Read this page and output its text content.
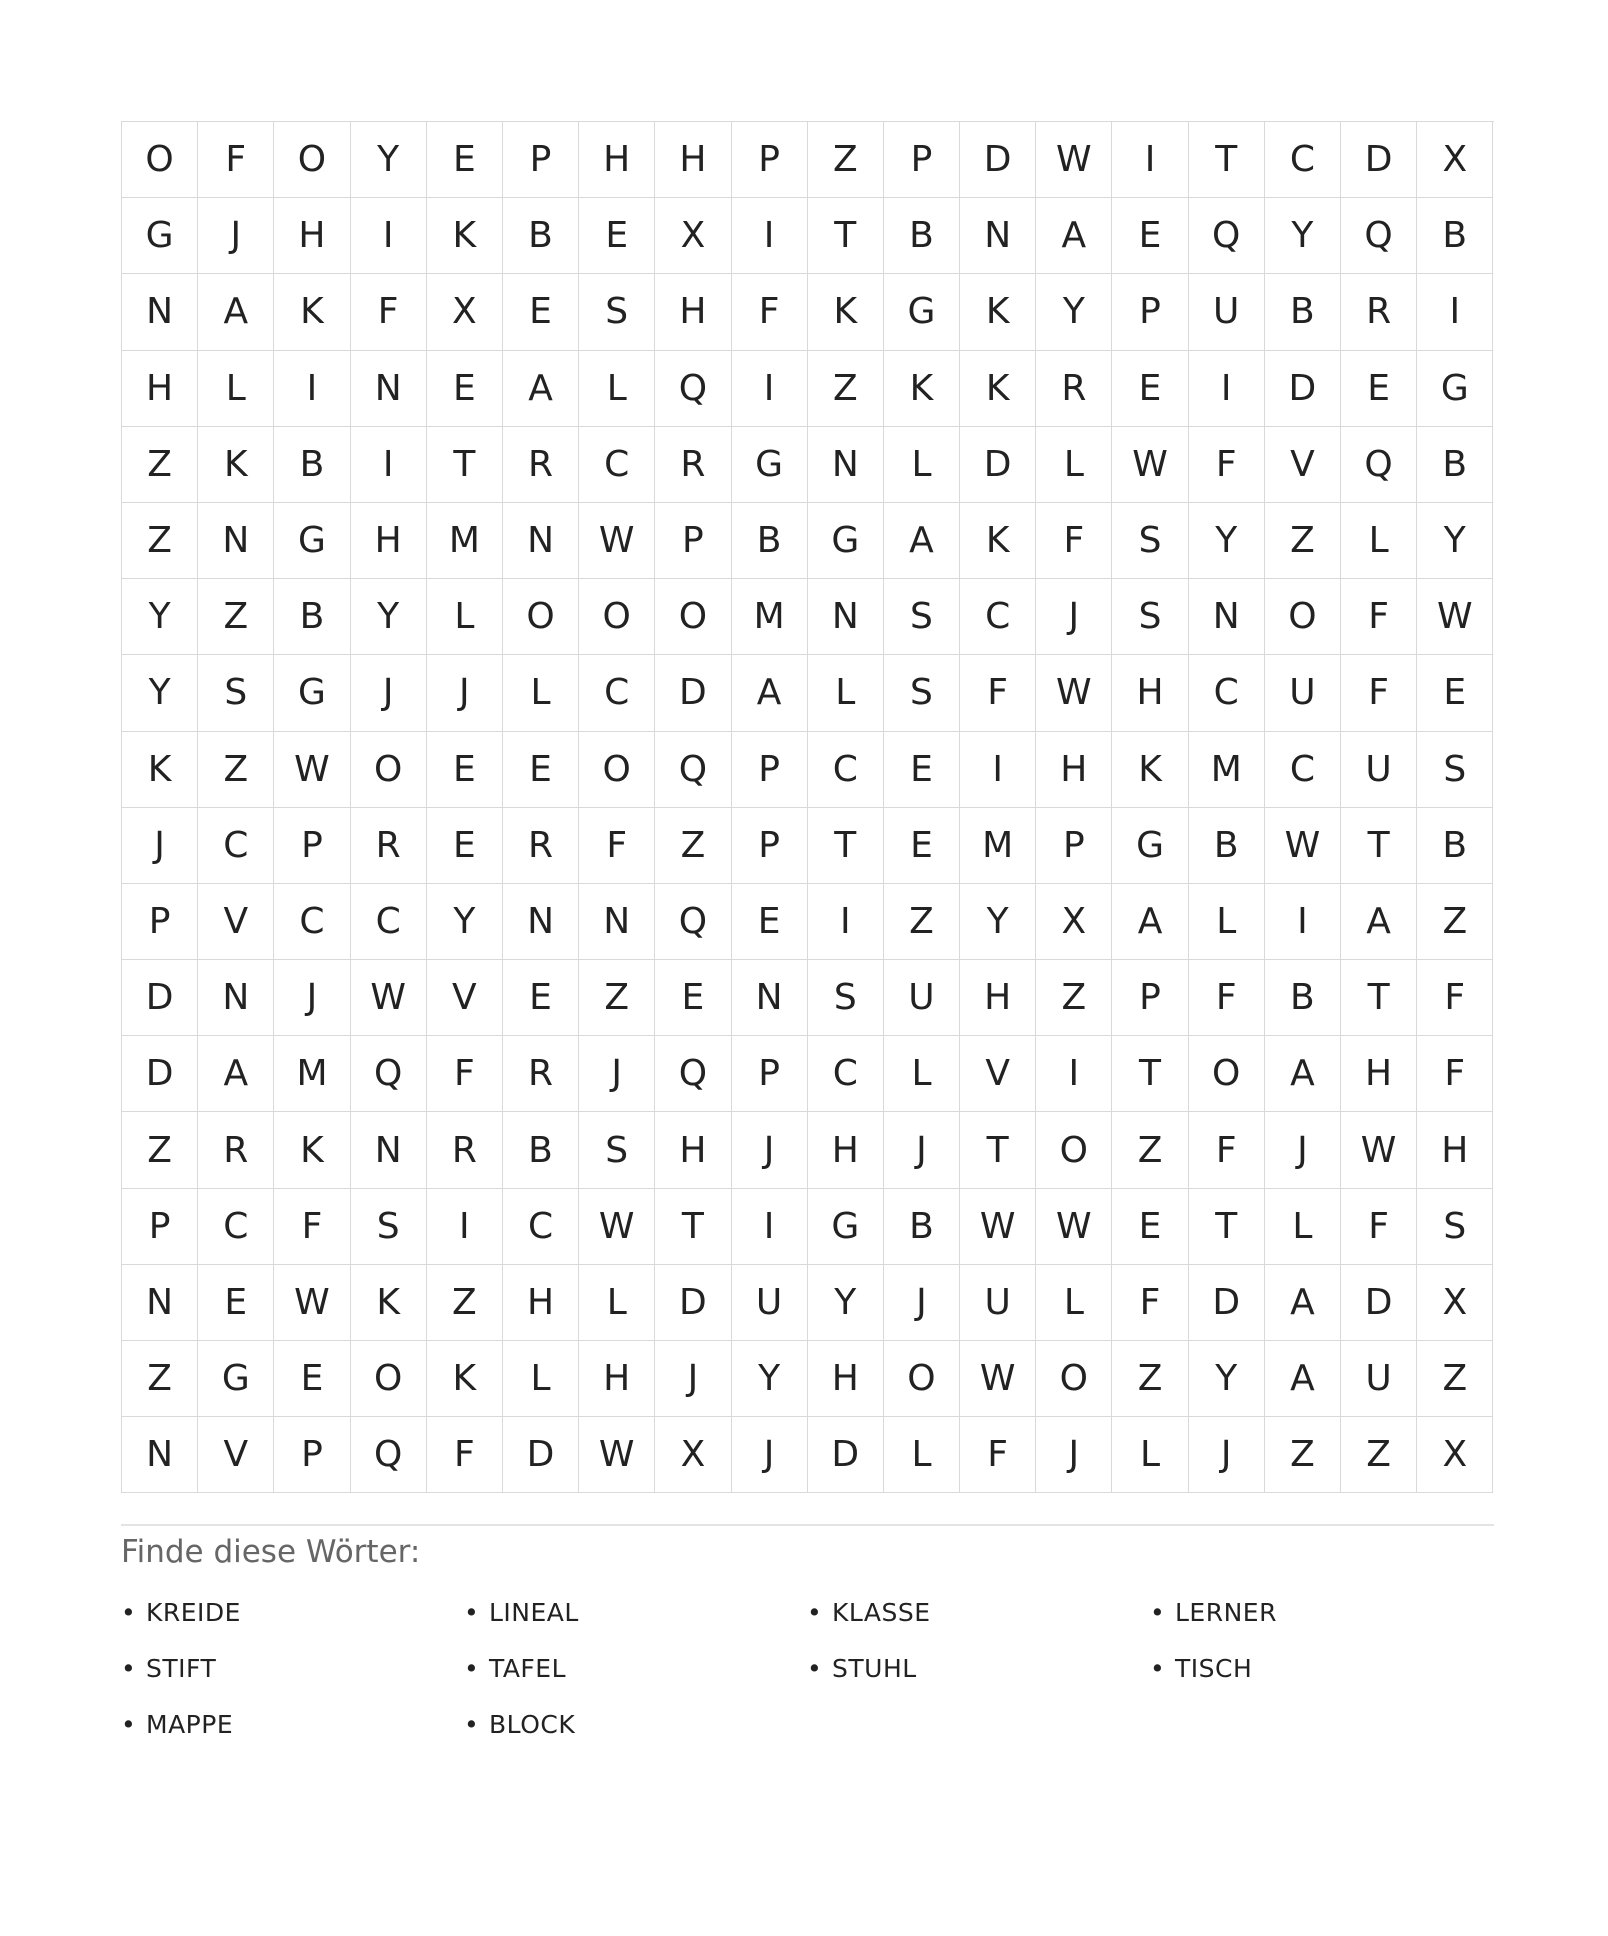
O	F	O	Y	E	P	H	H	P	Z	P	D	W	I	T	C	D	X
G	J	H	I	K	B	E	X	I	T	B	N	A	E	Q	Y	Q	B
N	A	K	F	X	E	S	H	F	K	G	K	Y	P	U	B	R	I
H	L	I	N	E	A	L	Q	I	Z	K	K	R	E	I	D	E	G
Z	K	B	I	T	R	C	R	G	N	L	D	L	W	F	V	Q	B
Z	N	G	H	M	N	W	P	B	G	A	K	F	S	Y	Z	L	Y
Y	Z	B	Y	L	O	O	O	M	N	S	C	J	S	N	O	F	W
Y	S	G	J	J	L	C	D	A	L	S	F	W	H	C	U	F	E
K	Z	W	O	E	E	O	Q	P	C	E	I	H	K	M	C	U	S
J	C	P	R	E	R	F	Z	P	T	E	M	P	G	B	W	T	B
P	V	C	C	Y	N	N	Q	E	I	Z	Y	X	A	L	I	A	Z
D	N	J	W	V	E	Z	E	N	S	U	H	Z	P	F	B	T	F
D	A	M	Q	F	R	J	Q	P	C	L	V	I	T	O	A	H	F
Z	R	K	N	R	B	S	H	J	H	J	T	O	Z	F	J	W	H
P	C	F	S	I	C	W	T	I	G	B	W	W	E	T	L	F	S
N	E	W	K	Z	H	L	D	U	Y	J	U	L	F	D	A	D	X
Z	G	E	O	K	L	H	J	Y	H	O	W	O	Z	Y	A	U	Z
N	V	P	Q	F	D	W	X	J	D	L	F	J	L	J	Z	Z	X
Finde diese Wörter:
• KREIDE	• LINEAL	• KLASSE	• LERNER
• STIFT	• TAFEL	• STUHL	• TISCH
• MAPPE	• BLOCK
